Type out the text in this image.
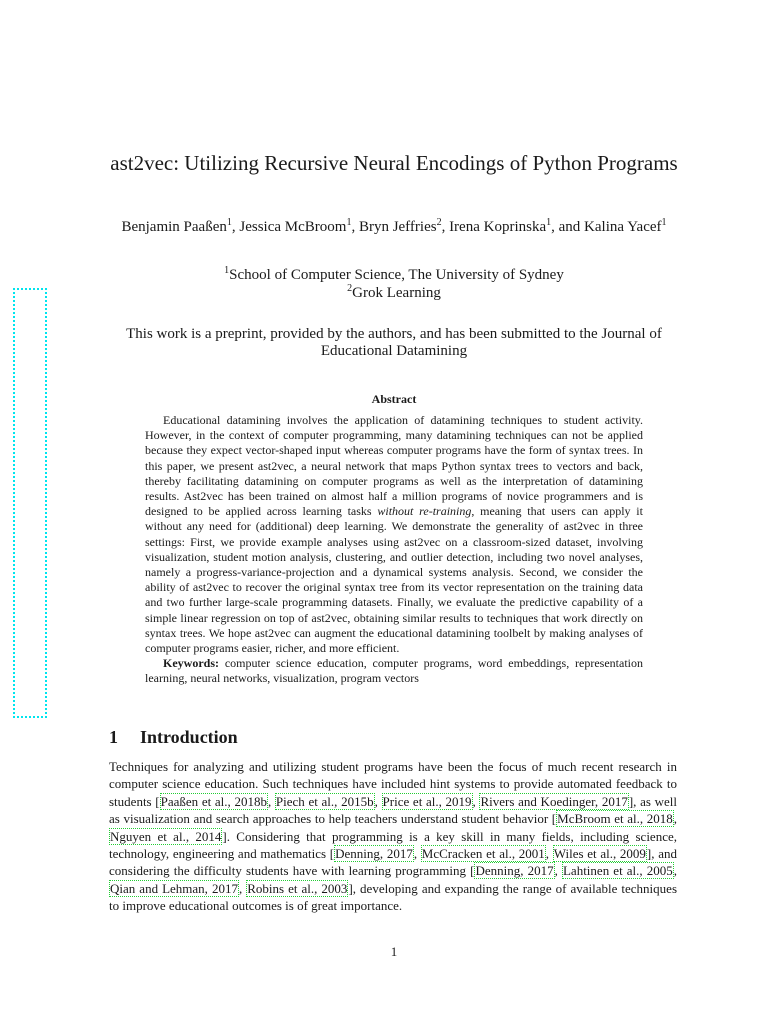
ast2vec: Utilizing Recursive Neural Encodings of Python Programs
Benjamin Paaßen$^1$, Jessica McBroom$^1$, Bryn Jeffries$^2$, Irena Koprinska$^1$, and Kalina Yacef$^1$
$^1$School of Computer Science, The University of Sydney
$^2$Grok Learning
This work is a preprint, provided by the authors, and has been submitted to the Journal of Educational Datamining
Abstract

Educational datamining involves the application of datamining techniques to student activity. However, in the context of computer programming, many datamining techniques can not be applied because they expect vector-shaped input whereas computer programs have the form of syntax trees. In this paper, we present ast2vec, a neural network that maps Python syntax trees to vectors and back, thereby facilitating datamining on computer programs as well as the interpretation of datamining results. Ast2vec has been trained on almost half a million programs of novice programmers and is designed to be applied across learning tasks without re-training, meaning that users can apply it without any need for (additional) deep learning. We demonstrate the generality of ast2vec in three settings: First, we provide example analyses using ast2vec on a classroom-sized dataset, involving visualization, student motion analysis, clustering, and outlier detection, including two novel analyses, namely a progress-variance-projection and a dynamical systems analysis. Second, we consider the ability of ast2vec to recover the original syntax tree from its vector representation on the training data and two further large-scale programming datasets. Finally, we evaluate the predictive capability of a simple linear regression on top of ast2vec, obtaining similar results to techniques that work directly on syntax trees. We hope ast2vec can augment the educational datamining toolbelt by making analyses of computer programs easier, richer, and more efficient.

Keywords: computer science education, computer programs, word embeddings, representation learning, neural networks, visualization, program vectors

1 Introduction

Techniques for analyzing and utilizing student programs have been the focus of much recent research in computer science education. Such techniques have included hint systems to provide automated feedback to students [Paaßen et al., 2018b, Piech et al., 2015b, Price et al., 2019, Rivers and Koedinger, 2017], as well as visualization and search approaches to help teachers understand student behavior [McBroom et al., 2018, Nguyen et al., 2014]. Considering that programming is a key skill in many fields, including science, technology, engineering and mathematics [Denning, 2017, McCracken et al., 2001, Wiles et al., 2009], and considering the difficulty students have with learning programming [Denning, 2017, Lahtinen et al., 2005, Qian and Lehman, 2017, Robins et al., 2003], developing and expanding the range of available techniques to improve educational outcomes is of great importance.

1
